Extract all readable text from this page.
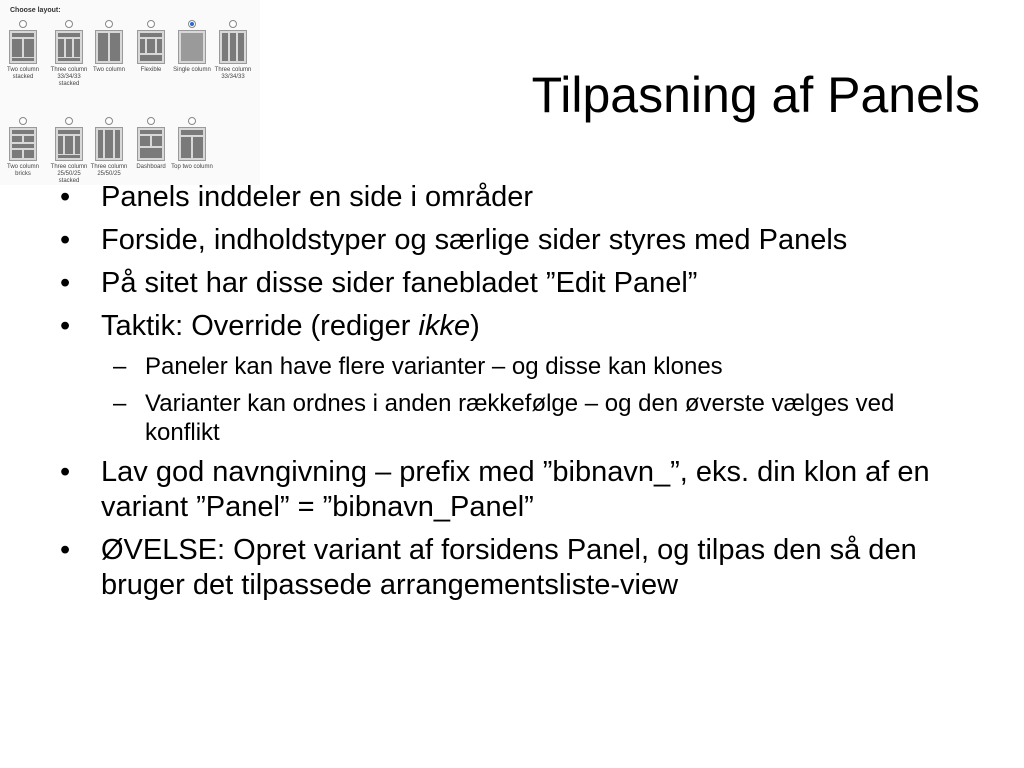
Choose layout:
Two column stacked
Three column 33/34/33 stacked
Two column	Flexible	Single column Three column 33/34/33
Two column bricks
Three column 25/50/25 stacked
Three column 25/50/25
Dashboard Top two column
Tilpasning af Panels
• Panels inddeler en side i områder
• Forside, indholdstyper og særlige sider styres med Panels
• På sitet har disse sider fanebladet ”Edit Panel”
• Taktik: Override (rediger ikke)
– Paneler kan have flere varianter – og disse kan klones
– Varianter kan ordnes i anden rækkefølge – og den øverste vælges ved konflikt
• Lav god navngivning – prefix med ”bibnavn_”, eks. din klon af en variant ”Panel” = ”bibnavn_Panel”
• ØVELSE: Opret variant af forsidens Panel, og tilpas den så den bruger det tilpassede arrangementsliste-view
